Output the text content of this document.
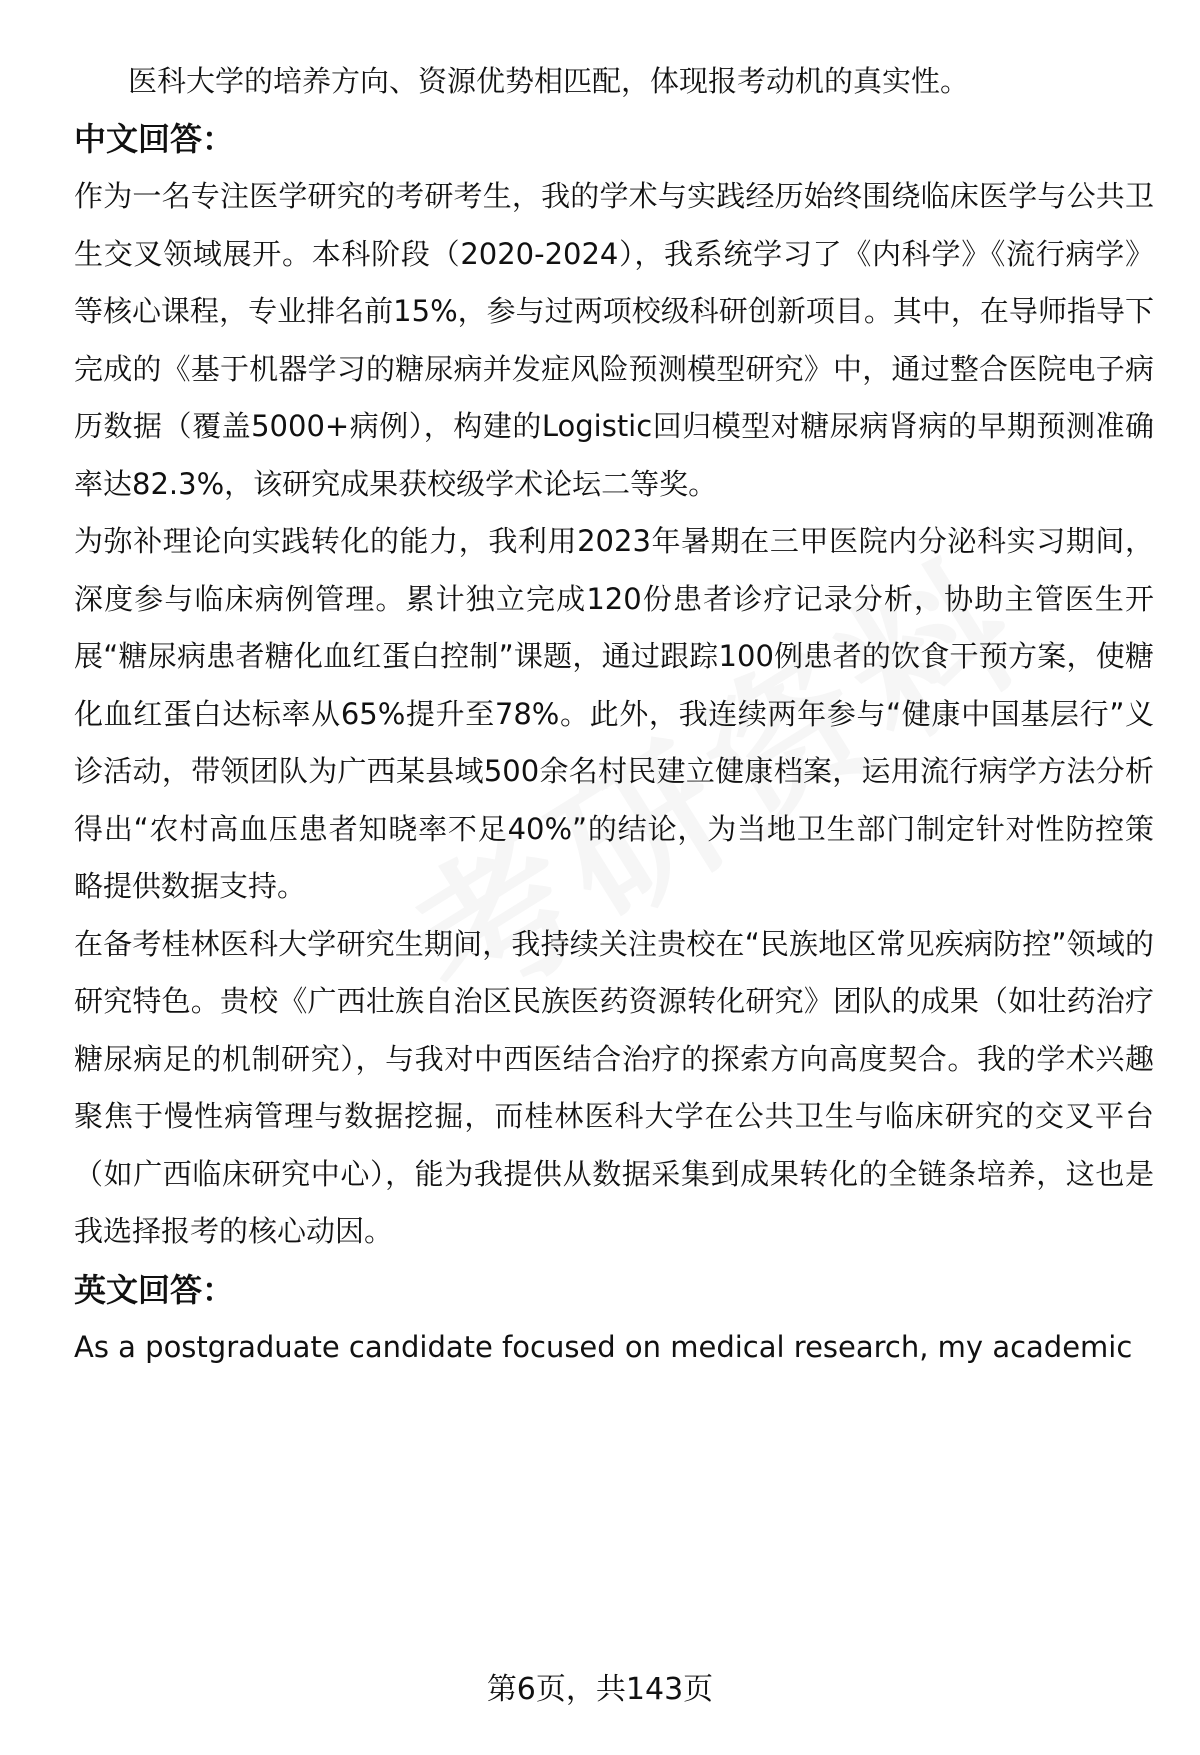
医科大学的培养方向、资源优势相匹配，体现报考动机的真实性。

中文回答：

作为一名专注医学研究的考研考生，我的学术与实践经历始终围绕临床医学与公共卫生交叉领域展开。本科阶段（2020-2024），我系统学习了《内科学》《流行病学》等核心课程，专业排名前15%，参与过两项校级科研创新项目。其中，在导师指导下完成的《基于机器学习的糖尿病并发症风险预测模型研究》中，通过整合医院电子病历数据（覆盖5000+病例），构建的Logistic回归模型对糖尿病肾病的早期预测准确率达82.3%，该研究成果获校级学术论坛二等奖。

为弥补理论向实践转化的能力，我利用2023年暑期在三甲医院内分泌科实习期间，深度参与临床病例管理。累计独立完成120份患者诊疗记录分析，协助主管医生开展“糖尿病患者糖化血红蛋白控制”课题，通过跟踪100例患者的饮食干预方案，使糖化血红蛋白达标率从65%提升至78%。此外，我连续两年参与“健康中国基层行”义诊活动，带领团队为广西某县域500余名村民建立健康档案，运用流行病学方法分析得出“农村高血压患者知晓率不足40%”的结论，为当地卫生部门制定针对性防控策略提供数据支持。

在备考桂林医科大学研究生期间，我持续关注贵校在“民族地区常见疾病防控”领域的研究特色。贵校《广西壮族自治区民族医药资源转化研究》团队的成果（如壮药治疗糖尿病足的机制研究），与我对中西医结合治疗的探索方向高度契合。我的学术兴趣聚焦于慢性病管理与数据挖掘，而桂林医科大学在公共卫生与临床研究的交叉平台（如广西临床研究中心），能为我提供从数据采集到成果转化的全链条培养，这也是我选择报考的核心动因。

英文回答：

As a postgraduate candidate focused on medical research, my academic

第6页，共143页
